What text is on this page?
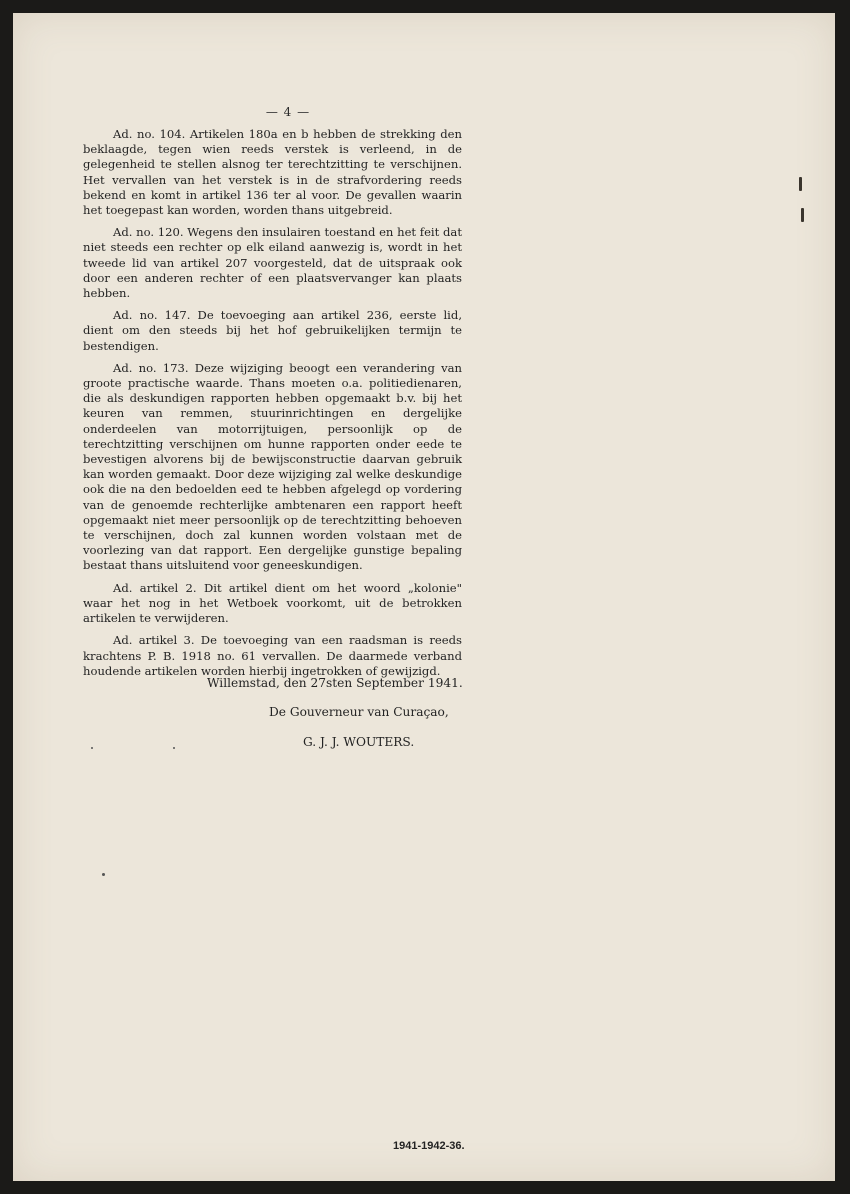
— 4 —

Ad. no. 104. Artikelen 180a en b hebben de strekking den beklaagde, tegen wien reeds verstek is verleend, in de gelegenheid te stellen alsnog ter terechtzitting te verschijnen. Het vervallen van het verstek is in de strafvordering reeds bekend en komt in artikel 136 ter al voor. De gevallen waarin het toegepast kan worden, worden thans uitgebreid.

Ad. no. 120. Wegens den insulairen toestand en het feit dat niet steeds een rechter op elk eiland aanwezig is, wordt in het tweede lid van artikel 207 voorgesteld, dat de uitspraak ook door een anderen rechter of een plaatsvervanger kan plaats hebben.

Ad. no. 147. De toevoeging aan artikel 236, eerste lid, dient om den steeds bij het hof gebruikelijken termijn te bestendigen.

Ad. no. 173. Deze wijziging beoogt een verandering van groote practische waarde. Thans moeten o.a. politiedienaren, die als deskundigen rapporten hebben opgemaakt b.v. bij het keuren van remmen, stuurinrichtingen en dergelijke onderdeelen van motorrijtuigen, persoonlijk op de terechtzitting verschijnen om hunne rapporten onder eede te bevestigen alvorens bij de bewijsconstructie daarvan gebruik kan worden gemaakt. Door deze wijziging zal welke deskundige ook die na den bedoelden eed te hebben afgelegd op vordering van de genoemde rechterlijke ambtenaren een rapport heeft opgemaakt niet meer persoonlijk op de terechtzitting behoeven te verschijnen, doch zal kunnen worden volstaan met de voorlezing van dat rapport. Een dergelijke gunstige bepaling bestaat thans uitsluitend voor geneeskundigen.

Ad. artikel 2. Dit artikel dient om het woord „kolonie" waar het nog in het Wetboek voorkomt, uit de betrokken artikelen te verwijderen.

Ad. artikel 3. De toevoeging van een raadsman is reeds krachtens P. B. 1918 no. 61 vervallen. De daarmede verband houdende artikelen worden hierbij ingetrokken of gewijzigd.

Willemstad, den 27sten September 1941.
De Gouverneur van Curaçao,
G. J. J. WOUTERS.
1941-1942-36.
